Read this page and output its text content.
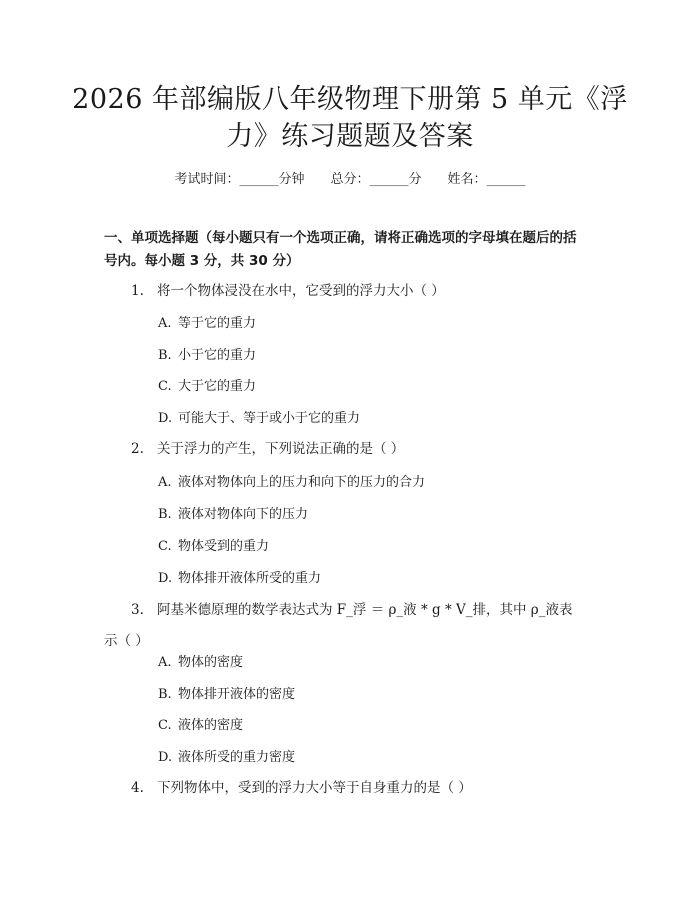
2026 年部编版八年级物理下册第 5 单元《浮
力》练习题题及答案
考试时间：______分钟　　总分：______分　　姓名：______

一、单项选择题（每小题只有一个选项正确，请将正确选项的字母填在题后的括

号内。每小题 3 分，共 30 分）

1. 将一个物体浸没在水中，它受到的浮力大小（ ）
A. 等于它的重力
B. 小于它的重力
C. 大于它的重力
D. 可能大于、等于或小于它的重力
2. 关于浮力的产生，下列说法正确的是（ ）
A. 液体对物体向上的压力和向下的压力的合力
B. 液体对物体向下的压力
C. 物体受到的重力
D. 物体排开液体所受的重力
3. 阿基米德原理的数学表达式为 F_浮 ＝ ρ_液 * g * V_排，其中 ρ_液表
示（ ）
A. 物体的密度
B. 物体排开液体的密度
C. 液体的密度
D. 液体所受的重力密度
4. 下列物体中，受到的浮力大小等于自身重力的是（ ）
